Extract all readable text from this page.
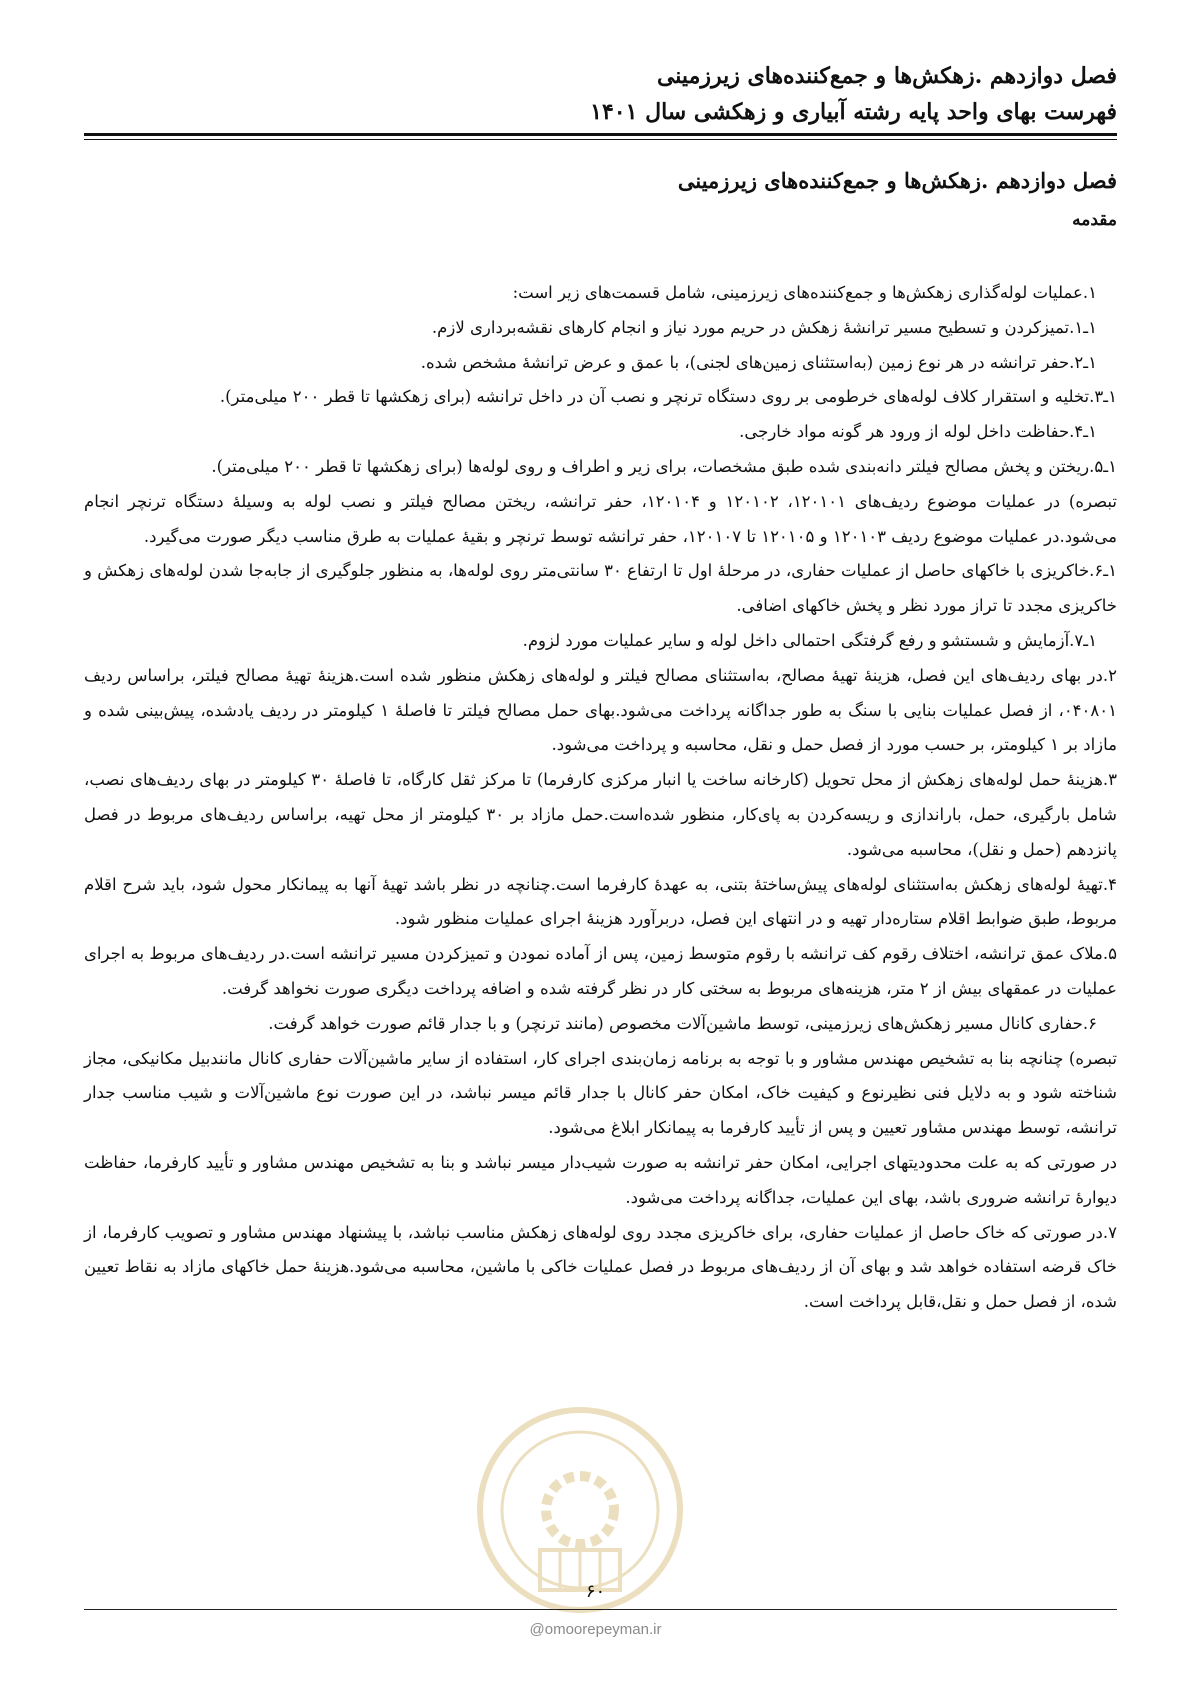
فصل دوازدهم .زهکش‌ها و جمع‌کننده‌های زیرزمینی
فهرست بهای واحد پایه رشته آبیاری و زهکشی سال ۱۴۰۱
فصل دوازدهم .زهکش‌ها و جمع‌کننده‌های زیرزمینی
مقدمه

۱.عملیات لوله‌گذاری زهکش‌ها و جمع‌کننده‌های زیرزمینی، شامل قسمت‌های زیر است:

۱ـ۱.تمیزکردن و تسطیح مسیر ترانشهٔ زهکش در حریم مورد نیاز و انجام کارهای نقشه‌برداری لازم.

۱ـ۲.حفر ترانشه در هر نوع زمین (به‌استثنای زمین‌های لجنی)، با عمق و عرض ترانشهٔ مشخص شده.

۱ـ۳.تخلیه و استقرار کلاف لوله‌های خرطومی بر روی دستگاه ترنچر و نصب آن در داخل ترانشه (برای زهکشها تا قطر ۲۰۰ میلی‌متر).

۱ـ۴.حفاظت داخل لوله از ورود هر گونه مواد خارجی.

۱ـ۵.ریختن و پخش مصالح فیلتر دانه‌بندی شده طبق مشخصات، برای زیر و اطراف و روی لوله‌ها (برای زهکشها تا قطر ۲۰۰ میلی‌متر).

تبصره) در عملیات موضوع ردیف‌های ۱۲۰۱۰۱، ۱۲۰۱۰۲ و ۱۲۰۱۰۴، حفر ترانشه، ریختن مصالح فیلتر و نصب لوله به وسیلهٔ دستگاه ترنچر انجام می‌شود.در عملیات موضوع ردیف ۱۲۰۱۰۳ و ۱۲۰۱۰۵ تا ۱۲۰۱۰۷، حفر ترانشه توسط ترنچر و بقیهٔ عملیات به طرق مناسب دیگر صورت می‌گیرد.

۱ـ۶.خاکریزی با خاکهای حاصل از عملیات حفاری، در مرحلهٔ اول تا ارتفاع ۳۰ سانتی‌متر روی لوله‌ها، به منظور جلوگیری از جابه‌جا شدن لوله‌های زهکش و خاکریزی مجدد تا تراز مورد نظر و پخش خاکهای اضافی.

۱ـ۷.آزمایش و شستشو و رفع گرفتگی احتمالی داخل لوله و سایر عملیات مورد لزوم.

۲.در بهای ردیف‌های این فصل، هزینهٔ تهیهٔ مصالح، به‌استثنای مصالح فیلتر و لوله‌های زهکش منظور شده است.هزینهٔ تهیهٔ مصالح فیلتر، براساس ردیف ۰۴۰۸۰۱، از فصل عملیات بنایی با سنگ به طور جداگانه پرداخت می‌شود.بهای حمل مصالح فیلتر تا فاصلهٔ ۱ کیلومتر در ردیف یادشده، پیش‌بینی شده و مازاد بر ۱ کیلومتر، بر حسب مورد از فصل حمل و نقل، محاسبه و پرداخت می‌شود.

۳.هزینهٔ حمل لوله‌های زهکش از محل تحویل (کارخانه ساخت یا انبار مرکزی کارفرما) تا مرکز ثقل کارگاه، تا فاصلهٔ ۳۰ کیلومتر در بهای ردیف‌های نصب، شامل بارگیری، حمل، باراندازی و ریسه‌کردن به پای‌کار، منظور شده‌است.حمل مازاد بر ۳۰ کیلومتر از محل تهیه، براساس ردیف‌های مربوط در فصل پانزدهم (حمل و نقل)، محاسبه می‌شود.

۴.تهیهٔ لوله‌های زهکش به‌استثنای لوله‌های پیش‌ساختهٔ بتنی، به عهدهٔ کارفرما است.چنانچه در نظر باشد تهیهٔ آنها به پیمانکار محول شود، باید شرح اقلام مربوط، طبق ضوابط اقلام ستاره‌دار تهیه و در انتهای این فصل، دربرآورد هزینهٔ اجرای عملیات منظور شود.

۵.ملاک عمق ترانشه، اختلاف رقوم کف ترانشه با رقوم متوسط زمین، پس از آماده نمودن و تمیزکردن مسیر ترانشه است.در ردیف‌های مربوط به اجرای عملیات در عمقهای بیش از ۲ متر، هزینه‌های مربوط به سختی کار در نظر گرفته شده و اضافه پرداخت دیگری صورت نخواهد گرفت.

۶.حفاری کانال مسیر زهکش‌های زیرزمینی، توسط ماشین‌آلات مخصوص (مانند ترنچر) و با جدار قائم صورت خواهد گرفت.

تبصره) چنانچه بنا به تشخیص مهندس مشاور و با توجه به برنامه زمان‌بندی اجرای کار، استفاده از سایر ماشین‌آلات حفاری کانال مانندبیل مکانیکی، مجاز شناخته شود و به دلایل فنی نظیرنوع و کیفیت خاک، امکان حفر کانال با جدار قائم میسر نباشد، در این صورت نوع ماشین‌آلات و شیب مناسب جدار ترانشه، توسط مهندس مشاور تعیین و پس از تأیید کارفرما به پیمانکار ابلاغ می‌شود.

در صورتی که به علت محدودیتهای اجرایی، امکان حفر ترانشه به صورت شیب‌دار میسر نباشد و بنا به تشخیص مهندس مشاور و تأیید کارفرما، حفاظت دیوارهٔ ترانشه ضروری باشد، بهای این عملیات، جداگانه پرداخت می‌شود.

۷.در صورتی که خاک حاصل از عملیات حفاری، برای خاکریزی مجدد روی لوله‌های زهکش مناسب نباشد، با پیشنهاد مهندس مشاور و تصویب کارفرما، از خاک قرضه استفاده خواهد شد و بهای آن از ردیف‌های مربوط در فصل عملیات خاکی با ماشین، محاسبه می‌شود.هزینهٔ حمل خاکهای مازاد به نقاط تعیین شده، از فصل حمل و نقل،قابل پرداخت است.

۶۰
@omoorepeyman.ir
